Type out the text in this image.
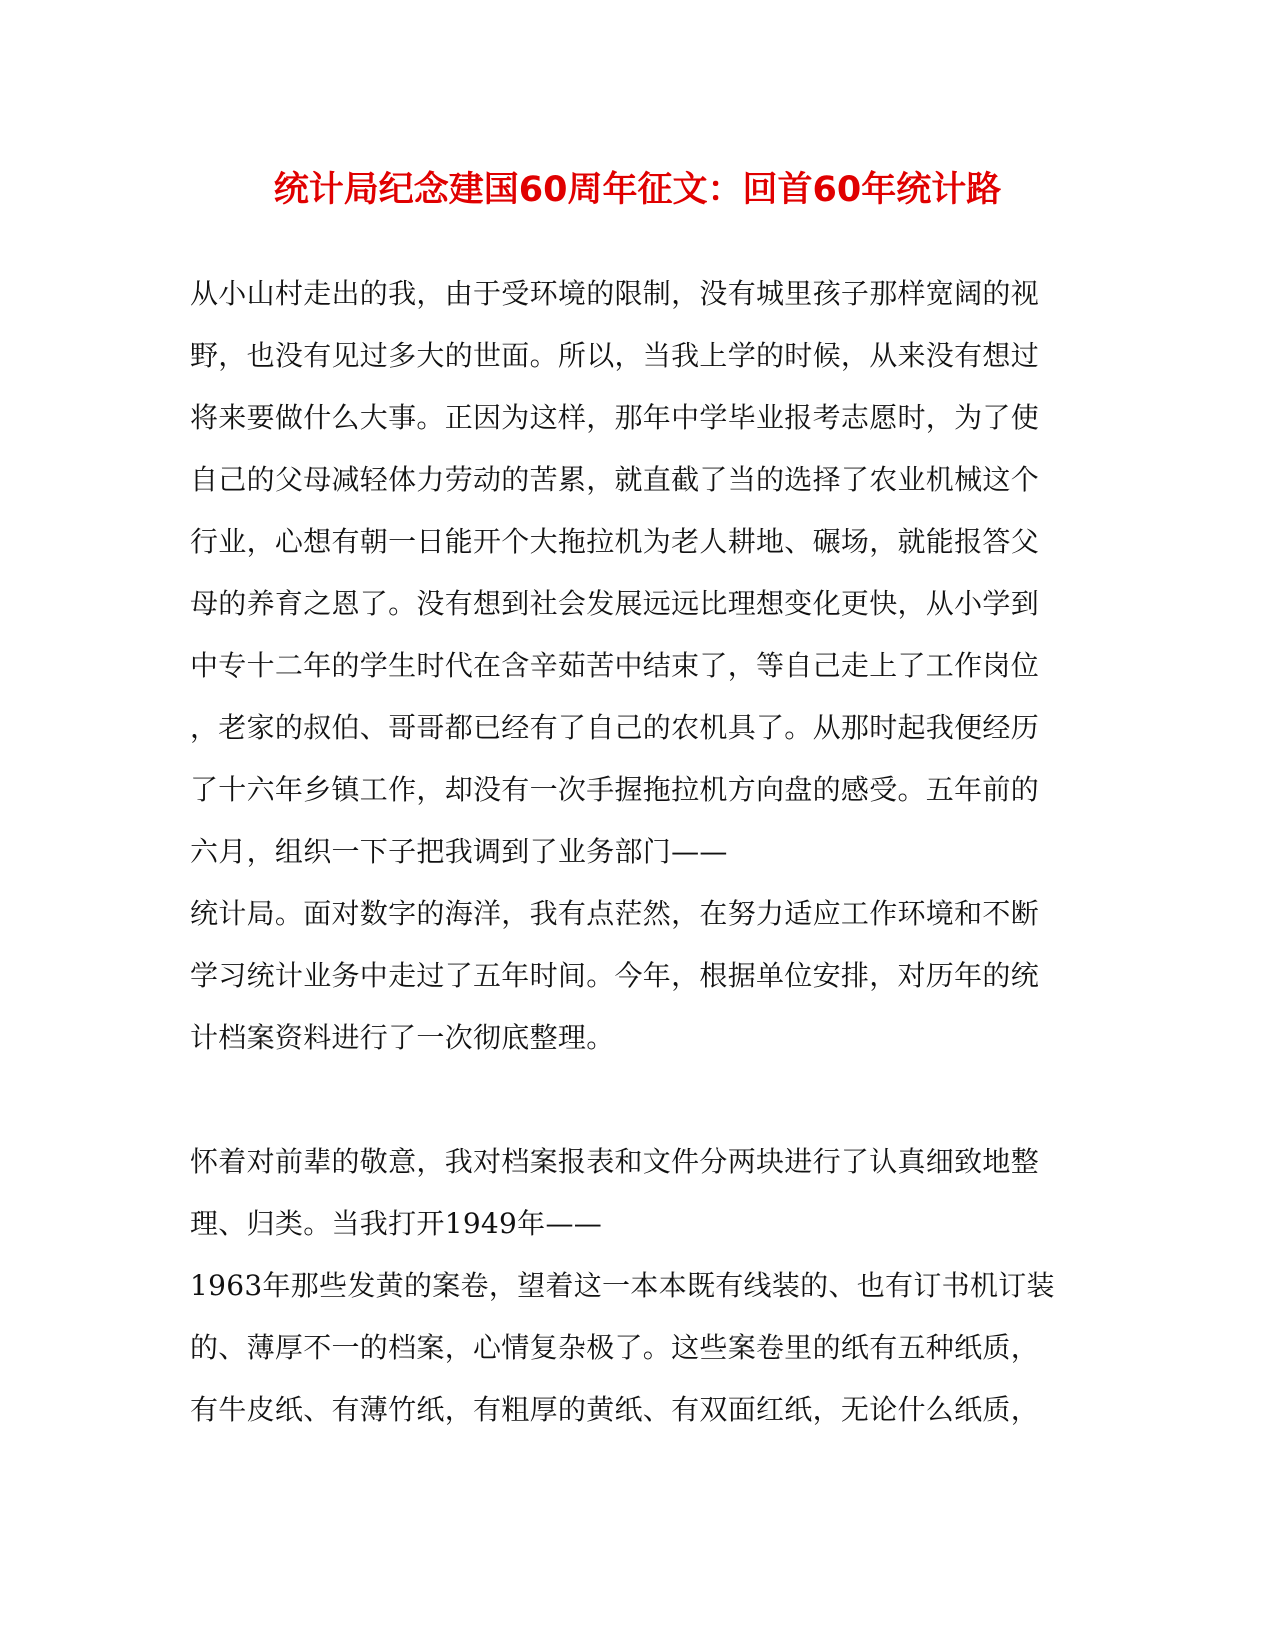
统计局纪念建国60周年征文：回首60年统计路

从小山村走出的我，由于受环境的限制，没有城里孩子那样宽阔的视

野，也没有见过多大的世面。所以，当我上学的时候，从来没有想过

将来要做什么大事。正因为这样，那年中学毕业报考志愿时，为了使

自己的父母减轻体力劳动的苦累，就直截了当的选择了农业机械这个

行业，心想有朝一日能开个大拖拉机为老人耕地、碾场，就能报答父

母的养育之恩了。没有想到社会发展远远比理想变化更快，从小学到

中专十二年的学生时代在含辛茹苦中结束了，等自己走上了工作岗位

，老家的叔伯、哥哥都已经有了自己的农机具了。从那时起我便经历

了十六年乡镇工作，却没有一次手握拖拉机方向盘的感受。五年前的

六月，组织一下子把我调到了业务部门——

统计局。面对数字的海洋，我有点茫然，在努力适应工作环境和不断

学习统计业务中走过了五年时间。今年，根据单位安排，对历年的统

计档案资料进行了一次彻底整理。

怀着对前辈的敬意，我对档案报表和文件分两块进行了认真细致地整

理、归类。当我打开1949年——

1963年那些发黄的案卷，望着这一本本既有线装的、也有订书机订装

的、薄厚不一的档案，心情复杂极了。这些案卷里的纸有五种纸质，

有牛皮纸、有薄竹纸，有粗厚的黄纸、有双面红纸，无论什么纸质，
